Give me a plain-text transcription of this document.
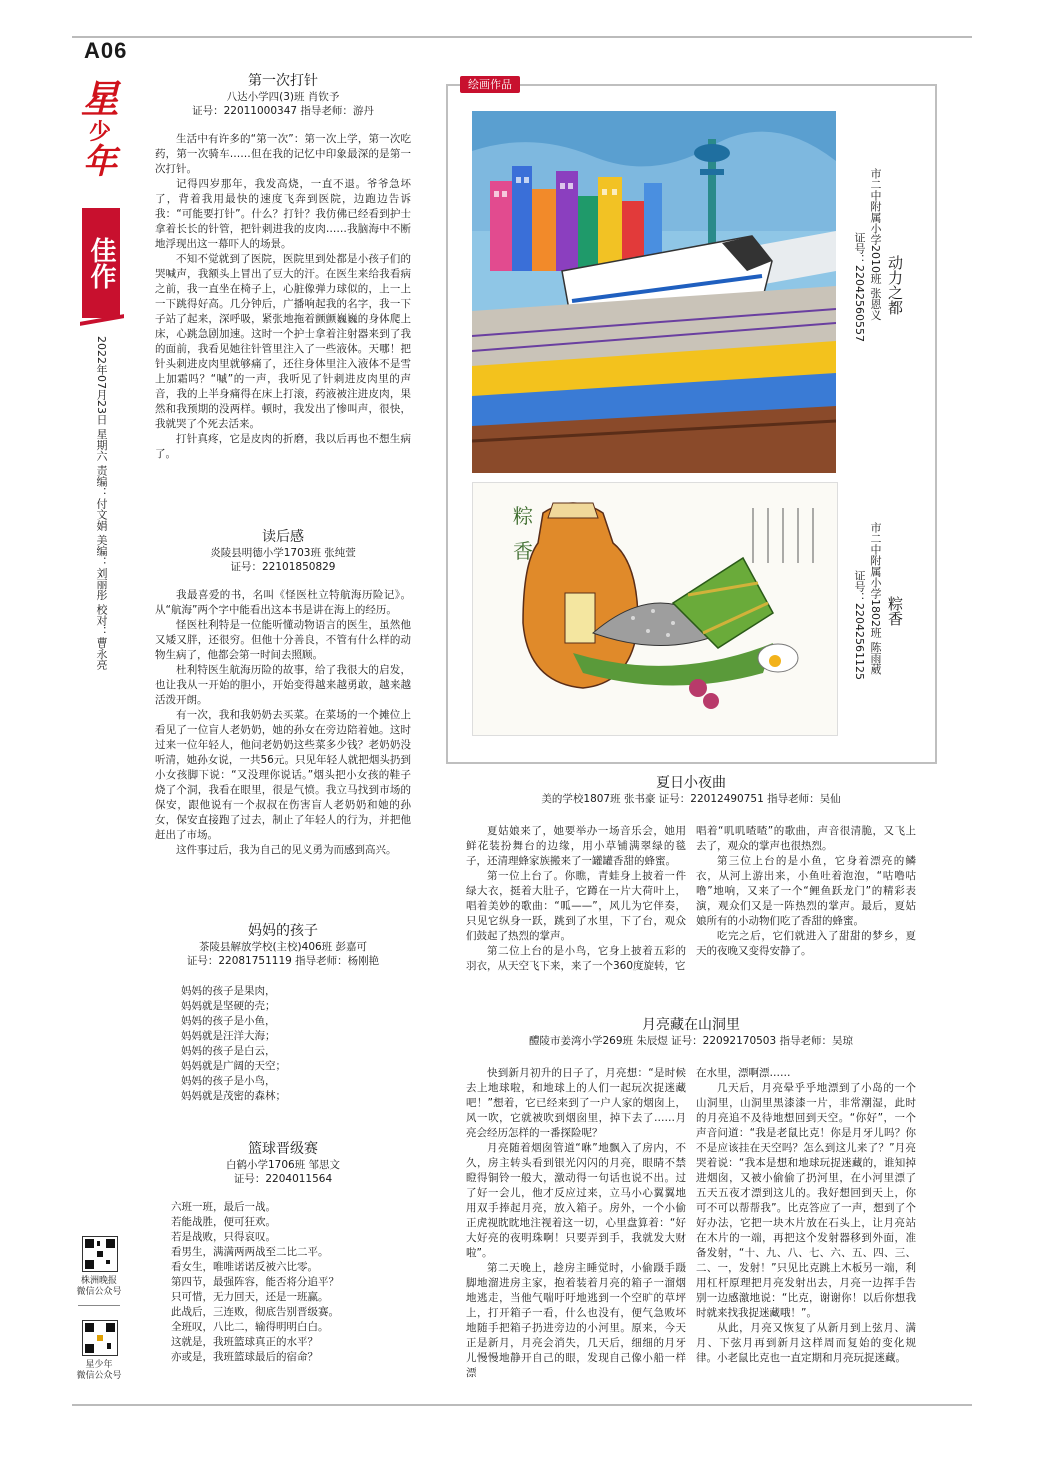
A06
星
少
年
佳作
2022年07月23日 星期六 责编：付文娟 美编：刘丽彤 校对：曹永亮
株洲晚报
微信公众号
星少年
微信公众号
第一次打针
八达小学四(3)班 肖钦予
证号：22011000347 指导老师：游丹

生活中有许多的“第一次”：第一次上学，第一次吃药，第一次骑车……但在我的记忆中印象最深的是第一次打针。

记得四岁那年，我发高烧，一直不退。爷爷急坏了，背着我用最快的速度飞奔到医院，边跑边告诉我：“可能要打针”。什么？打针？我仿佛已经看到护士拿着长长的针管，把针刺进我的皮肉……我脑海中不断地浮现出这一幕吓人的场景。

不知不觉就到了医院，医院里到处都是小孩子们的哭喊声，我额头上冒出了豆大的汗。在医生来给我看病之前，我一直坐在椅子上，心脏像弹力球似的，上一上一下跳得好高。几分钟后，广播响起我的名字，我一下子站了起来，深呼吸，紧张地拖着颤颤巍巍的身体爬上床，心跳急剧加速。这时一个护士拿着注射器来到了我的面前，我看见她往针管里注入了一些液体。天哪！把针头刺进皮肉里就够痛了，还往身体里注入液体不是雪上加霜吗？“嘁”的一声，我听见了针刺进皮肉里的声音，我的上半身痛得在床上打滚，药液被注进皮肉，果然和我预期的没两样。顿时，我发出了惨叫声，很快，我就哭了个死去活来。

打针真疼，它是皮肉的折磨，我以后再也不想生病了。

读后感
炎陵县明德小学1703班 张纯萱
证号：22101850829

我最喜爱的书，名叫《怪医杜立特航海历险记》。从“航海”两个字中能看出这本书是讲在海上的经历。

怪医杜利特是一位能听懂动物语言的医生，虽然他又矮又胖，还很穷。但他十分善良，不管有什么样的动物生病了，他都会第一时间去照顾。

杜利特医生航海历险的故事，给了我很大的启发，也让我从一开始的胆小，开始变得越来越勇敢，越来越活泼开朗。

有一次，我和我奶奶去买菜。在菜场的一个摊位上看见了一位盲人老奶奶，她的孙女在旁边陪着她。这时过来一位年轻人，他问老奶奶这些菜多少钱？老奶奶没听清，她孙女说，一共56元。只见年轻人就把烟头扔到小女孩脚下说：“又没理你说话。”烟头把小女孩的鞋子烧了个洞，我看在眼里，很是气愤。我立马找到市场的保安，跟他说有一个叔叔在伤害盲人老奶奶和她的孙女，保安直接跑了过去，制止了年轻人的行为，并把他赶出了市场。

这件事过后，我为自己的见义勇为而感到高兴。

妈妈的孩子
茶陵县解放学校(主校)406班 彭嘉可
证号：22081751119 指导老师：杨刚艳

妈妈的孩子是果肉，

妈妈就是坚硬的壳；

妈妈的孩子是小鱼，

妈妈就是汪洋大海；

妈妈的孩子是白云，

妈妈就是广阔的天空；

妈妈的孩子是小鸟，

妈妈就是茂密的森林；

篮球晋级赛
白鹤小学1706班 邹思文
证号：2204011564

六班一班，最后一战。

若能战胜，便可狂欢。

若是战败，只得哀叹。

看男生，满满两两战至二比二平。

看女生，唯唯诺诺反被六比零。

第四节，最强阵容，能否将分追平？

只可惜，无力回天，还是一班赢。

此战后，三连败，彻底告别晋级赛。

全班叹，八比二，输得明明白白。

这就是，我班篮球真正的水平？

亦或是，我班篮球最后的宿命？

绘画作品
动力之都
市二中附属小学2010班 张恩义
证号：22042560557
粽
香
粽香
市二中附属小学1802班 陈雨葳
证号：22042561125
夏日小夜曲
美的学校1807班 张书豪 证号：22012490751 指导老师：吴仙

夏姑娘来了，她要举办一场音乐会，她用鲜花装扮舞台的边缘，用小草铺满翠绿的毯子，还清理蜂家族搬来了一罐罐香甜的蜂蜜。

第一位上台了。你瞧，青蛙身上披着一件绿大衣，挺着大肚子，它蹲在一片大荷叶上，唱着美妙的歌曲：“呱——”，风儿为它伴奏，只见它纵身一跃，跳到了水里，下了台，观众们鼓起了热烈的掌声。

第二位上台的是小鸟，它身上披着五彩的羽衣，从天空飞下来，来了一个360度旋转，它

唱着“叽叽喳喳”的歌曲，声音很清脆，又飞上去了，观众的掌声也很热烈。

第三位上台的是小鱼，它身着漂亮的鳞衣，从河上游出来，小鱼吐着泡泡，“咕噜咕噜”地响，又来了一个“鲤鱼跃龙门”的精彩表演，观众们又是一阵热烈的掌声。最后，夏姑娘所有的小动物们吃了香甜的蜂蜜。

吃完之后，它们就进入了甜甜的梦乡，夏天的夜晚又变得安静了。

月亮藏在山洞里
醴陵市姜湾小学269班 朱辰煜 证号：22092170503 指导老师：吴琼

快到新月初升的日子了，月亮想：“是时候去上地球啦，和地球上的人们一起玩次捉迷藏吧！”想着，它已经来到了一户人家的烟囱上，风一吹，它就被吹到烟囱里，掉下去了……月亮会经历怎样的一番探险呢？

月亮随着烟囱管道“咻”地飘入了房内，不久，房主转头看到银光闪闪的月亮，眼睛不禁瞪得铜铃一般大，激动得一句话也说不出。过了好一会儿，他才反应过来，立马小心翼翼地用双手捧起月亮，放入箱子。房外，一个小偷正虎视眈眈地注视着这一切，心里盘算着：“好大好亮的夜明珠啊！只要弄到手，我就发大财啦”。

第二天晚上，趁房主睡觉时，小偷蹑手蹑脚地溜进房主家，抱着装着月亮的箱子一溜烟地逃走，当他气喘吁吁地逃到一个空旷的草坪上，打开箱子一看，什么也没有，便气急败坏地随手把箱子扔进旁边的小河里。原来，今天正是新月，月亮会消失，几天后，细细的月牙儿慢慢地静开自己的眼，发现自己像小船一样漂

在水里，漂啊漂……

几天后，月亮晕乎乎地漂到了小岛的一个山洞里，山洞里黑漆漆一片，非常潮湿，此时的月亮追不及待地想回到天空。“你好”，一个声音问道：“我是老鼠比克！你是月牙儿吗？你不是应该挂在天空吗？怎么到这儿来了？”月亮哭着说：“我本是想和地球玩捉迷藏的，谁知掉进烟囱，又被小偷偷了扔河里，在小河里漂了五天五夜才漂到这儿的。我好想回到天上，你可不可以帮帮我”。比克答应了一声，想到了个好办法，它把一块木片放在石头上，让月亮站在木片的一端，再把这个发射器移到外面，准备发射，“十、九、八、七、六、五、四、三、二、一，发射！”只见比克跳上木板另一端，利用杠杆原理把月亮发射出去，月亮一边挥手告别一边感激地说：“比克，谢谢你！以后你想我时就来找我捉迷藏哦！”。

从此，月亮又恢复了从新月到上弦月、满月、下弦月再到新月这样周而复始的变化规律。小老鼠比克也一直定期和月亮玩捉迷藏。
